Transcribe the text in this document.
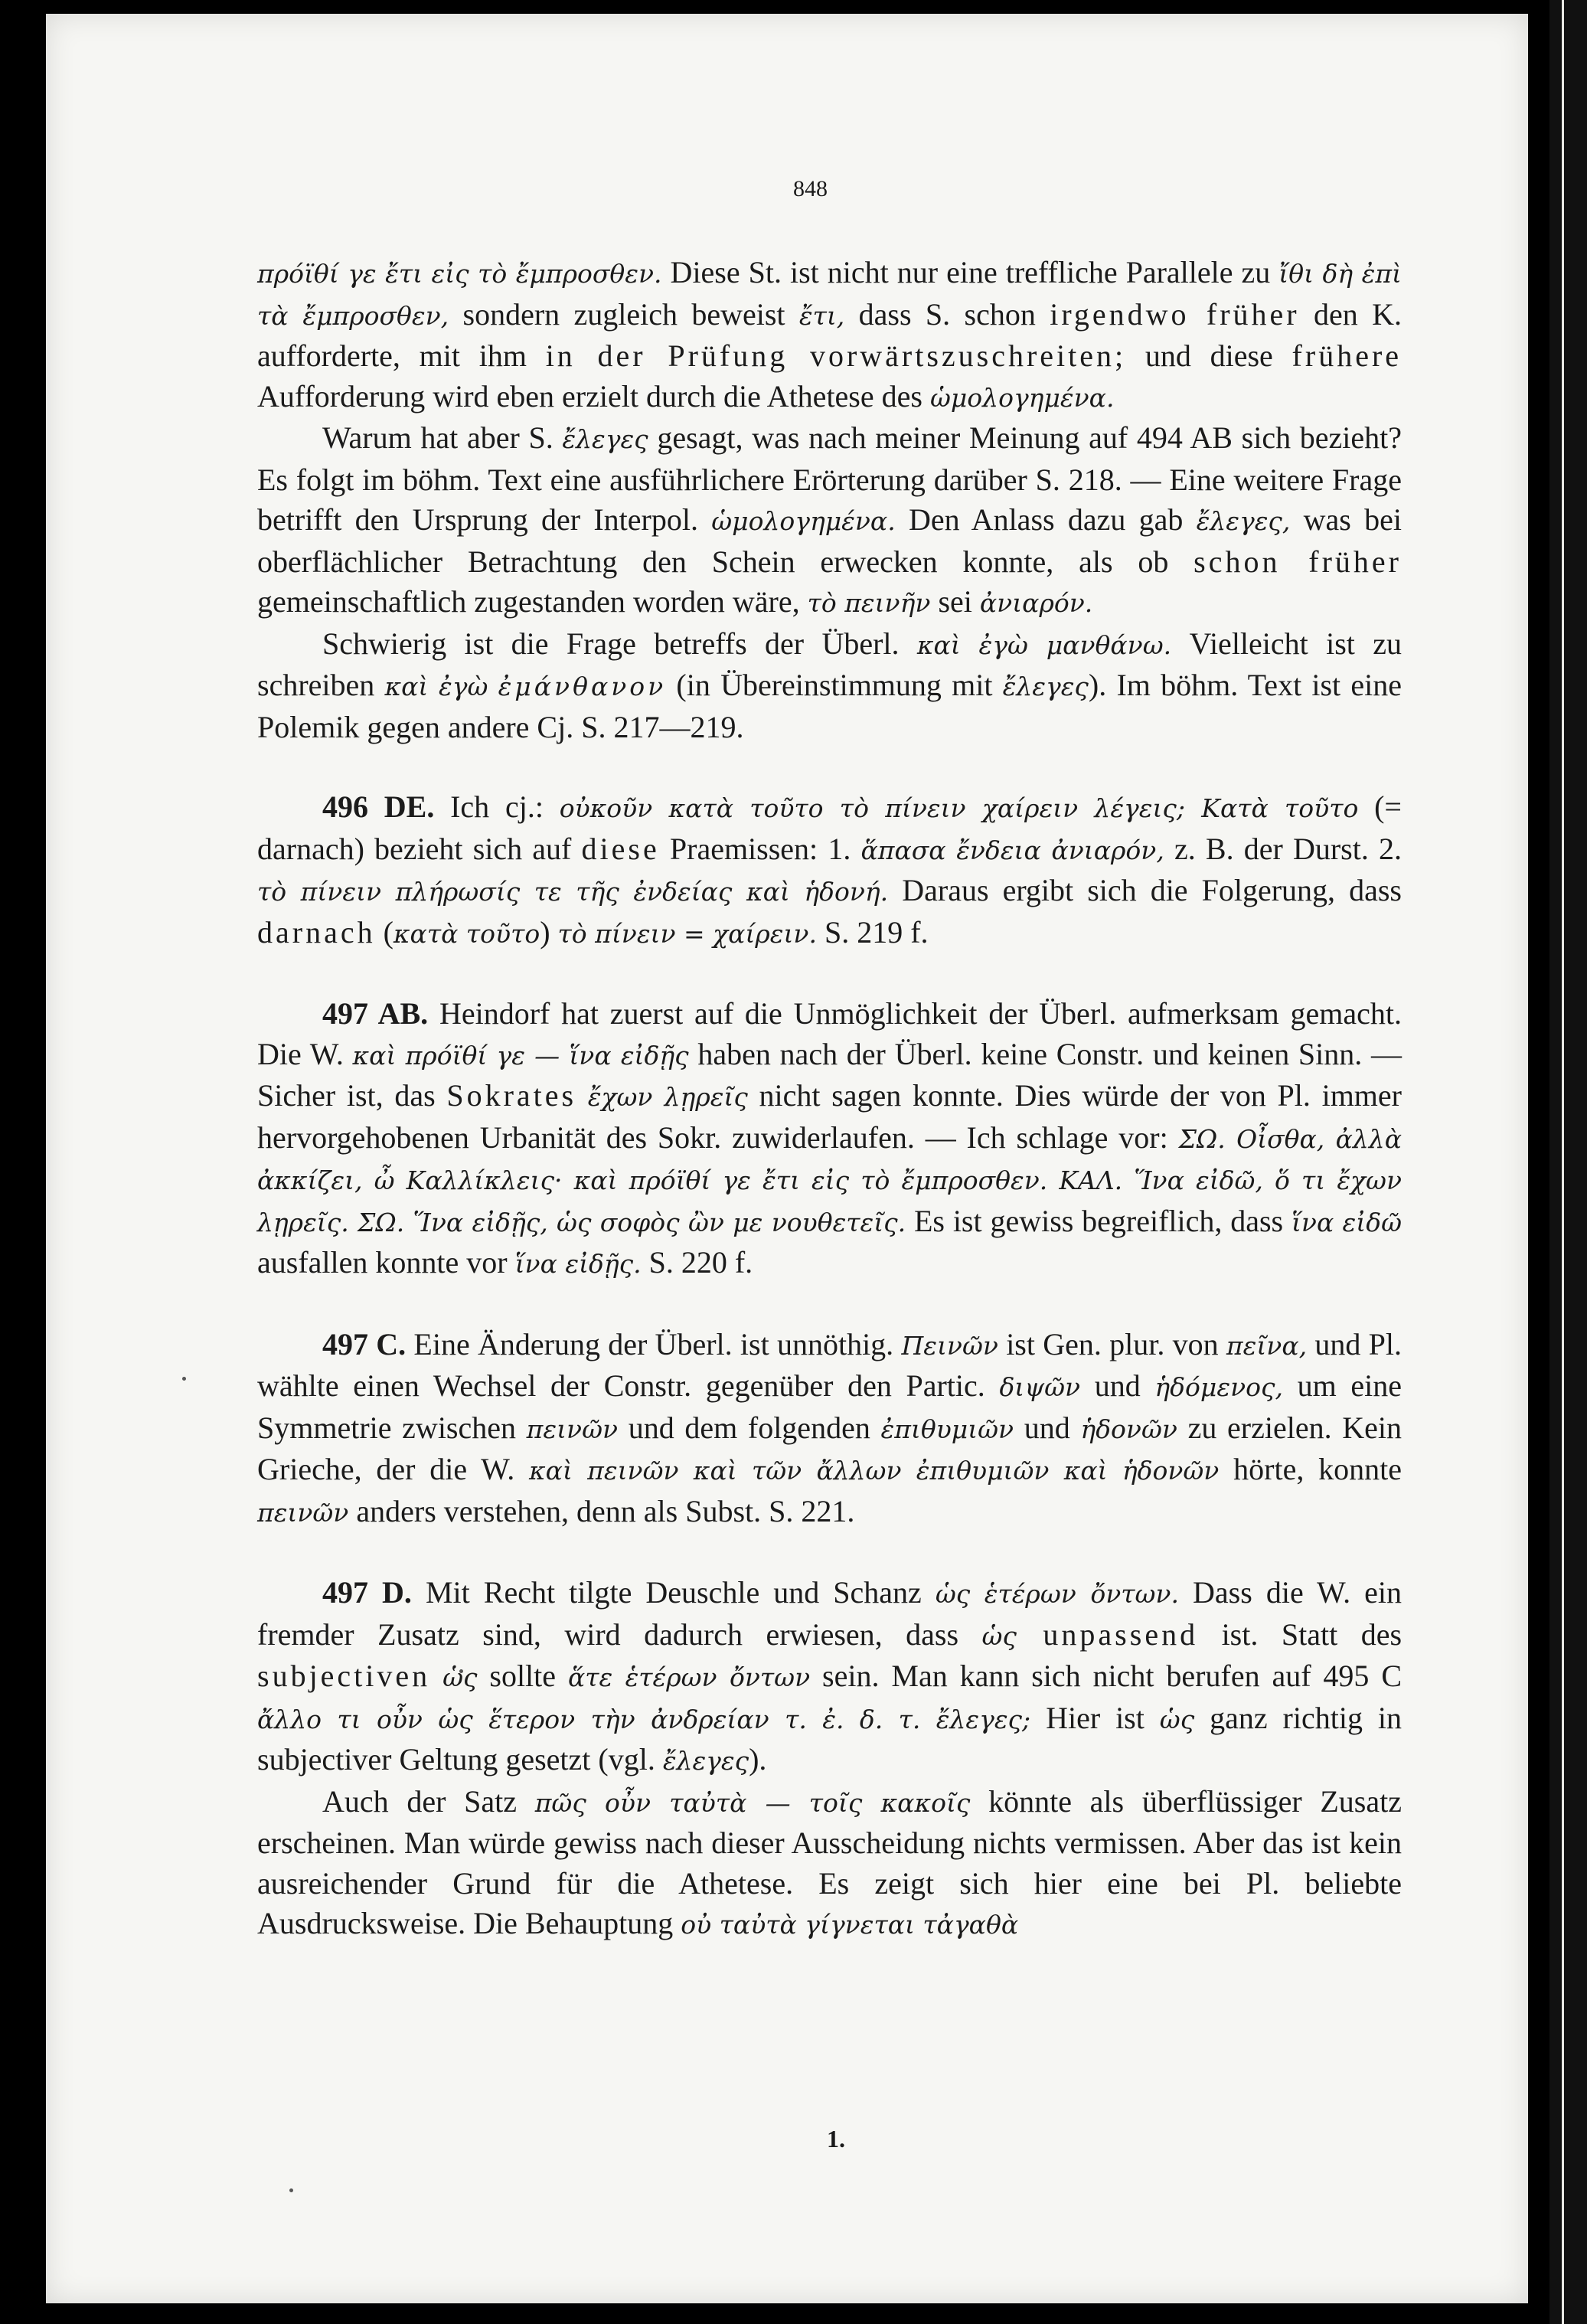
848

πρόϊθί γε ἔτι εἰς τὸ ἔμπροσθεν. Diese St. ist nicht nur eine treffliche Parallele zu ἴθι δὴ ἐπὶ τὰ ἔμπροσθεν, sondern zugleich beweist ἔτι, dass S. schon irgendwo früher den K. aufforderte, mit ihm in der Prüfung vorwärtszuschreiten; und diese frühere Aufforderung wird eben erzielt durch die Athetese des ὡμολογημένα.

Warum hat aber S. ἔλεγες gesagt, was nach meiner Meinung auf 494 AB sich bezieht? Es folgt im böhm. Text eine ausführlichere Erörterung darüber S. 218. — Eine weitere Frage betrifft den Ursprung der Interpol. ὡμολογημένα. Den Anlass dazu gab ἔλεγες, was bei oberflächlicher Betrachtung den Schein erwecken konnte, als ob schon früher gemeinschaftlich zugestanden worden wäre, τὸ πεινῆν sei ἀνιαρόν.

Schwierig ist die Frage betreffs der Überl. καὶ ἐγὼ μανθάνω. Vielleicht ist zu schreiben καὶ ἐγὼ ἐμάνθανον (in Übereinstimmung mit ἔλεγες). Im böhm. Text ist eine Polemik gegen andere Cj. S. 217—219.

496 DE. Ich cj.: οὐκοῦν κατὰ τοῦτο τὸ πίνειν χαίρειν λέγεις; Κατὰ τοῦτο (= darnach) bezieht sich auf diese Praemissen: 1. ἅπασα ἔνδεια ἀνιαρόν, z. B. der Durst. 2. τὸ πίνειν πλήρωσίς τε τῆς ἐνδείας καὶ ἡδονή. Daraus ergibt sich die Folgerung, dass darnach (κατὰ τοῦτο) τὸ πίνειν = χαίρειν. S. 219 f.

497 AB. Heindorf hat zuerst auf die Unmöglichkeit der Überl. aufmerksam gemacht. Die W. καὶ πρόϊθί γε — ἵνα εἰδῇς haben nach der Überl. keine Constr. und keinen Sinn. — Sicher ist, das Sokrates ἔχων λῃρεῖς nicht sagen konnte. Dies würde der von Pl. immer hervorgehobenen Urbanität des Sokr. zuwiderlaufen. — Ich schlage vor: ΣΩ. Οἶσθα, ἀλλὰ ἀκκίζει, ὦ Καλλίκλεις· καὶ πρόϊθί γε ἔτι εἰς τὸ ἔμπροσθεν. ΚΑΛ. Ἵνα εἰδῶ, ὅ τι ἔχων λῃρεῖς. ΣΩ. Ἵνα εἰδῇς, ὡς σοφὸς ὢν με νουθετεῖς. Es ist gewiss begreiflich, dass ἵνα εἰδῶ ausfallen konnte vor ἵνα εἰδῇς. S. 220 f.

497 C. Eine Änderung der Überl. ist unnöthig. Πεινῶν ist Gen. plur. von πεῖνα, und Pl. wählte einen Wechsel der Constr. gegenüber den Partic. διψῶν und ἡδόμενος, um eine Symmetrie zwischen πεινῶν und dem folgenden ἐπιθυμιῶν und ἡδονῶν zu erzielen. Kein Grieche, der die W. καὶ πεινῶν καὶ τῶν ἄλλων ἐπιθυμιῶν καὶ ἡδονῶν hörte, konnte πεινῶν anders verstehen, denn als Subst. S. 221.

497 D. Mit Recht tilgte Deuschle und Schanz ὡς ἑτέρων ὄντων. Dass die W. ein fremder Zusatz sind, wird dadurch erwiesen, dass ὡς unpassend ist. Statt des subjectiven ὡς sollte ἅτε ἑτέρων ὄντων sein. Man kann sich nicht berufen auf 495 C ἄλλο τι οὖν ὡς ἕτερον τὴν ἀνδρείαν τ. ἐ. δ. τ. ἔλεγες; Hier ist ὡς ganz richtig in subjectiver Geltung gesetzt (vgl. ἔλεγες).

Auch der Satz πῶς οὖν ταὐτὰ — τοῖς κακοῖς könnte als überflüssiger Zusatz erscheinen. Man würde gewiss nach dieser Ausscheidung nichts vermissen. Aber das ist kein ausreichender Grund für die Athetese. Es zeigt sich hier eine bei Pl. beliebte Ausdrucksweise. Die Behauptung οὐ ταὐτὰ γίγνεται τἀγαθὰ

1.
